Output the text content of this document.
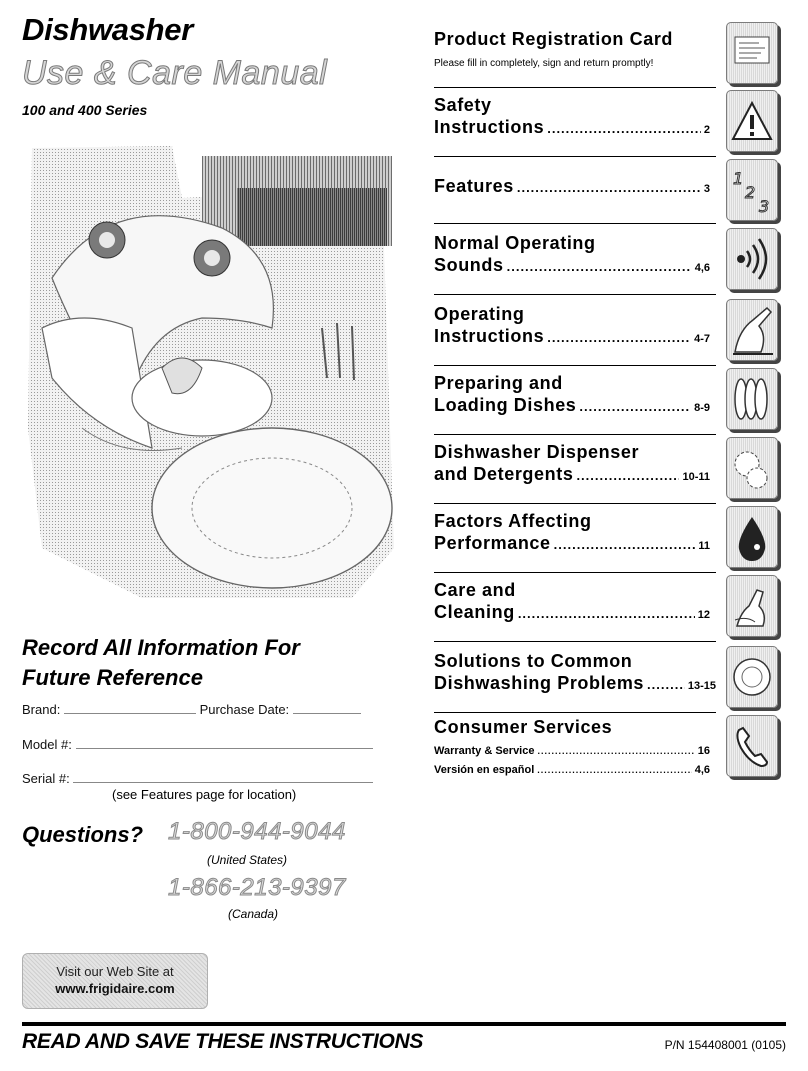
Dishwasher
Use & Care Manual
100 and 400 Series
Record All Information For
Future Reference
Brand:	Purchase Date:
Model #:
Serial #:
(see Features page for location)
Questions? 1-800-944-9044
(United States)
1-866-213-9397
(Canada)
Visit our Web Site at
www.frigidaire.com
READ AND SAVE THESE INSTRUCTIONS	P/N 154408001 (0105)
Product Registration Card
Please fill in completely, sign and return promptly!
Safety
Instructions .....	2
Features .....	3
1
2
3
Normal Operating
Sounds .....	4,6
Operating
Instructions .....	4-7
Preparing and
Loading Dishes .....	8-9
Dishwasher Dispenser
and Detergents .....	10-11
Factors Affecting
Performance .....	11
Care and
Cleaning .....	12
Solutions to Common
Dishwashing Problems .....	13-15
Consumer Services
Warranty & Service .....	16
Versión en español .....	4,6
